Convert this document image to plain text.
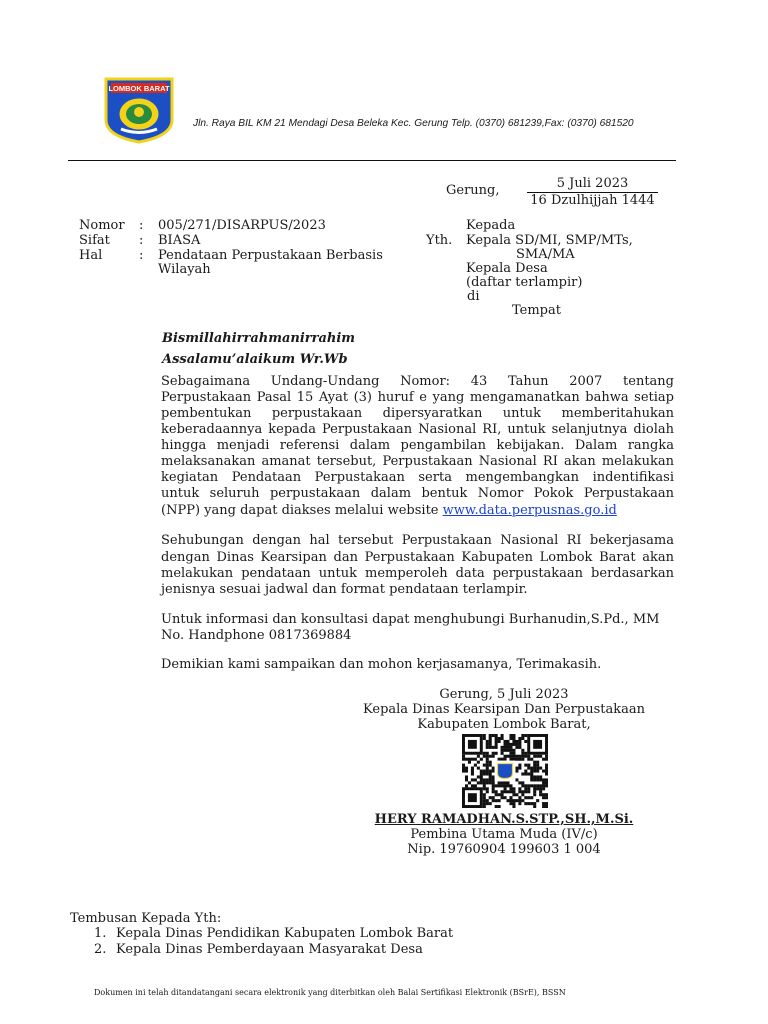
LOMBOK BARAT
Jln. Raya BIL KM 21 Mendagi Desa Beleka Kec. Gerung Telp. (0370) 681239,Fax: (0370) 681520
Gerung,	5 Juli 2023
16 Dzulhijjah 1444
Nomor : 005/271/DISARPUS/2023
Sifat : BIASA
Hal	: Pendataan Perpustakaan Berbasis
Wilayah
Kepada
Yth. Kepala SD/MI, SMP/MTs,
SMA/MA
Kepala Desa
(daftar terlampir)
di
Tempat
Bismillahirrahmanirrahim
Assalamu’alaikum Wr.Wb
Sebagaimana Undang-Undang Nomor: 43 Tahun 2007 tentang
Perpustakaan Pasal 15 Ayat (3) huruf e yang mengamanatkan bahwa setiap
pembentukan perpustakaan dipersyaratkan untuk memberitahukan
keberadaannya kepada Perpustakaan Nasional RI, untuk selanjutnya diolah
hingga menjadi referensi dalam pengambilan kebijakan. Dalam rangka
melaksanakan amanat tersebut, Perpustakaan Nasional RI akan melakukan
kegiatan Pendataan Perpustakaan serta mengembangkan indentifikasi
untuk seluruh perpustakaan dalam bentuk Nomor Pokok Perpustakaan
(NPP) yang dapat diakses melalui website www.data.perpusnas.go.id
Sehubungan dengan hal tersebut Perpustakaan Nasional RI bekerjasama
dengan Dinas Kearsipan dan Perpustakaan Kabupaten Lombok Barat akan
melakukan pendataan untuk memperoleh data perpustakaan berdasarkan
jenisnya sesuai jadwal dan format pendataan terlampir.
Untuk informasi dan konsultasi dapat menghubungi Burhanudin,S.Pd., MM
No. Handphone 0817369884
Demikian kami sampaikan dan mohon kerjasamanya, Terimakasih.
Gerung, 5 Juli 2023
Kepala Dinas Kearsipan Dan Perpustakaan
Kabupaten Lombok Barat,
HERY RAMADHAN.S.STP.,SH.,M.Si.
Pembina Utama Muda (IV/c)
Nip. 19760904 199603 1 004
Tembusan Kepada Yth:
1. Kepala Dinas Pendidikan Kabupaten Lombok Barat
2. Kepala Dinas Pemberdayaan Masyarakat Desa
Dokumen ini telah ditandatangani secara elektronik yang diterbitkan oleh Balai Sertifikasi Elektronik (BSrE), BSSN
